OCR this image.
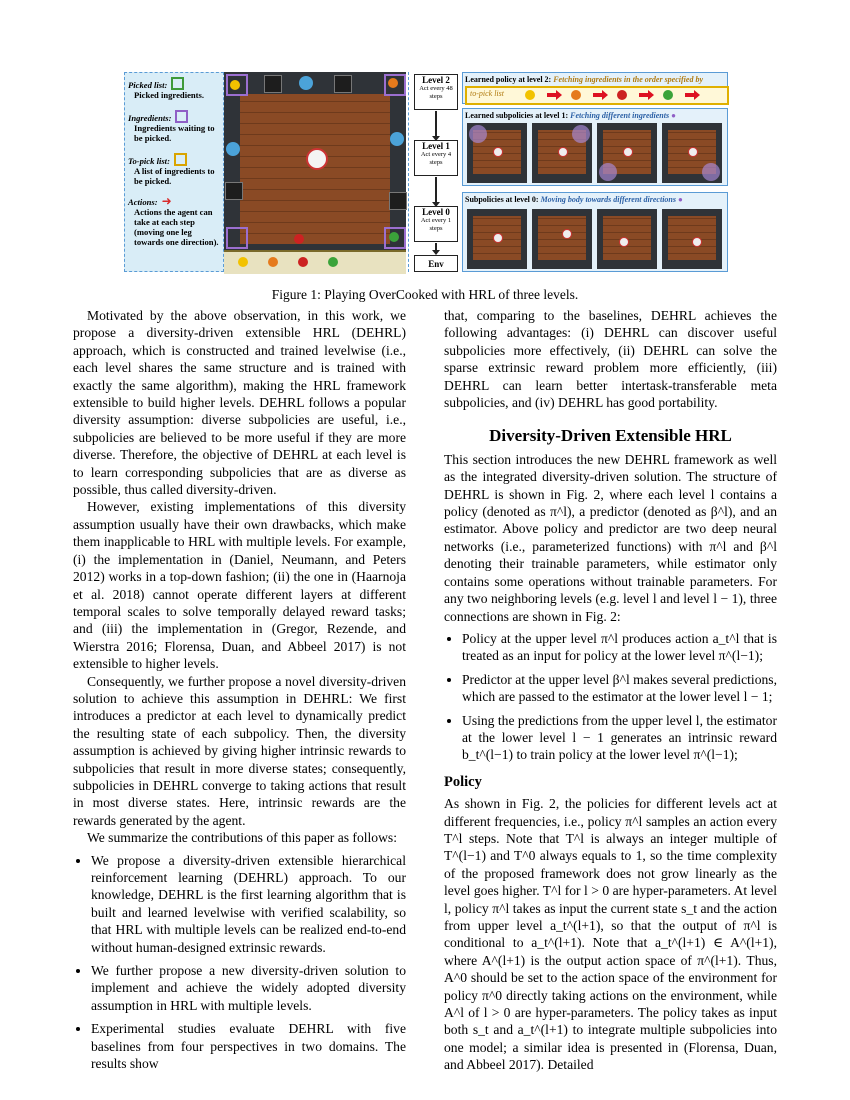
Picked list:
Picked ingredients.
Ingredients:
Ingredients waiting to be picked.
To-pick list:
A list of ingredients to be picked.
Actions: ➜
Actions the agent can take at each step (moving one leg towards one direction).
Level 2
Act every 48 steps
Level 1
Act every 4 steps
Level 0
Act every 1 steps
Env
Learned policy at level 2: Fetching ingredients in the order specified by
to-pick list
Learned subpolicies at level 1: Fetching different ingredients ●
Subpolicies at level 0: Moving body towards different directions ●
Figure 1: Playing OverCooked with HRL of three levels.

Motivated by the above observation, in this work, we propose a diversity-driven extensible HRL (DEHRL) approach, which is constructed and trained levelwise (i.e., each level shares the same structure and is trained with exactly the same algorithm), making the HRL framework extensible to build higher levels. DEHRL follows a popular diversity assumption: diverse subpolicies are useful, i.e., subpolicies are believed to be more useful if they are more diverse. Therefore, the objective of DEHRL at each level is to learn corresponding subpolicies that are as diverse as possible, thus called diversity-driven.

However, existing implementations of this diversity assumption usually have their own drawbacks, which make them inapplicable to HRL with multiple levels. For example, (i) the implementation in (Daniel, Neumann, and Peters 2012) works in a top-down fashion; (ii) the one in (Haarnoja et al. 2018) cannot operate different layers at different temporal scales to solve temporally delayed reward tasks; and (iii) the implementation in (Gregor, Rezende, and Wierstra 2016; Florensa, Duan, and Abbeel 2017) is not extensible to higher levels.

Consequently, we further propose a novel diversity-driven solution to achieve this assumption in DEHRL: We first introduces a predictor at each level to dynamically predict the resulting state of each subpolicy. Then, the diversity assumption is achieved by giving higher intrinsic rewards to subpolicies that result in more diverse states; consequently, subpolicies in DEHRL converge to taking actions that result in most diverse states. Here, intrinsic rewards are the rewards generated by the agent.

We summarize the contributions of this paper as follows:

• We propose a diversity-driven extensible hierarchical reinforcement learning (DEHRL) approach. To our knowledge, DEHRL is the first learning algorithm that is built and learned levelwise with verified scalability, so that HRL with multiple levels can be realized end-to-end without human-designed extrinsic rewards.
• We further propose a new diversity-driven solution to implement and achieve the widely adopted diversity assumption in HRL with multiple levels.
• Experimental studies evaluate DEHRL with five baselines from four perspectives in two domains. The results show

that, comparing to the baselines, DEHRL achieves the following advantages: (i) DEHRL can discover useful subpolicies more effectively, (ii) DEHRL can solve the sparse extrinsic reward problem more efficiently, (iii) DEHRL can learn better intertask-transferable meta subpolicies, and (iv) DEHRL has good portability.

Diversity-Driven Extensible HRL

This section introduces the new DEHRL framework as well as the integrated diversity-driven solution. The structure of DEHRL is shown in Fig. 2, where each level l contains a policy (denoted as π^l), a predictor (denoted as β^l), and an estimator. Above policy and predictor are two deep neural networks (i.e., parameterized functions) with π^l and β^l denoting their trainable parameters, while estimator only contains some operations without trainable parameters. For any two neighboring levels (e.g. level l and level l − 1), three connections are shown in Fig. 2:

• Policy at the upper level π^l produces action a_t^l that is treated as an input for policy at the lower level π^(l−1);
• Predictor at the upper level β^l makes several predictions, which are passed to the estimator at the lower level l − 1;
• Using the predictions from the upper level l, the estimator at the lower level l − 1 generates an intrinsic reward b_t^(l−1) to train policy at the lower level π^(l−1);
Policy

As shown in Fig. 2, the policies for different levels act at different frequencies, i.e., policy π^l samples an action every T^l steps. Note that T^l is always an integer multiple of T^(l−1) and T^0 always equals to 1, so the time complexity of the proposed framework does not grow linearly as the level goes higher. T^l for l > 0 are hyper-parameters. At level l, policy π^l takes as input the current state s_t and the action from upper level a_t^(l+1), so that the output of π^l is conditional to a_t^(l+1). Note that a_t^(l+1) ∈ A^(l+1), where A^(l+1) is the output action space of π^(l+1). Thus, A^0 should be set to the action space of the environment for policy π^0 directly taking actions on the environment, while A^l of l > 0 are hyper-parameters. The policy takes as input both s_t and a_t^(l+1) to integrate multiple subpolicies into one model; a similar idea is presented in (Florensa, Duan, and Abbeel 2017). Detailed
